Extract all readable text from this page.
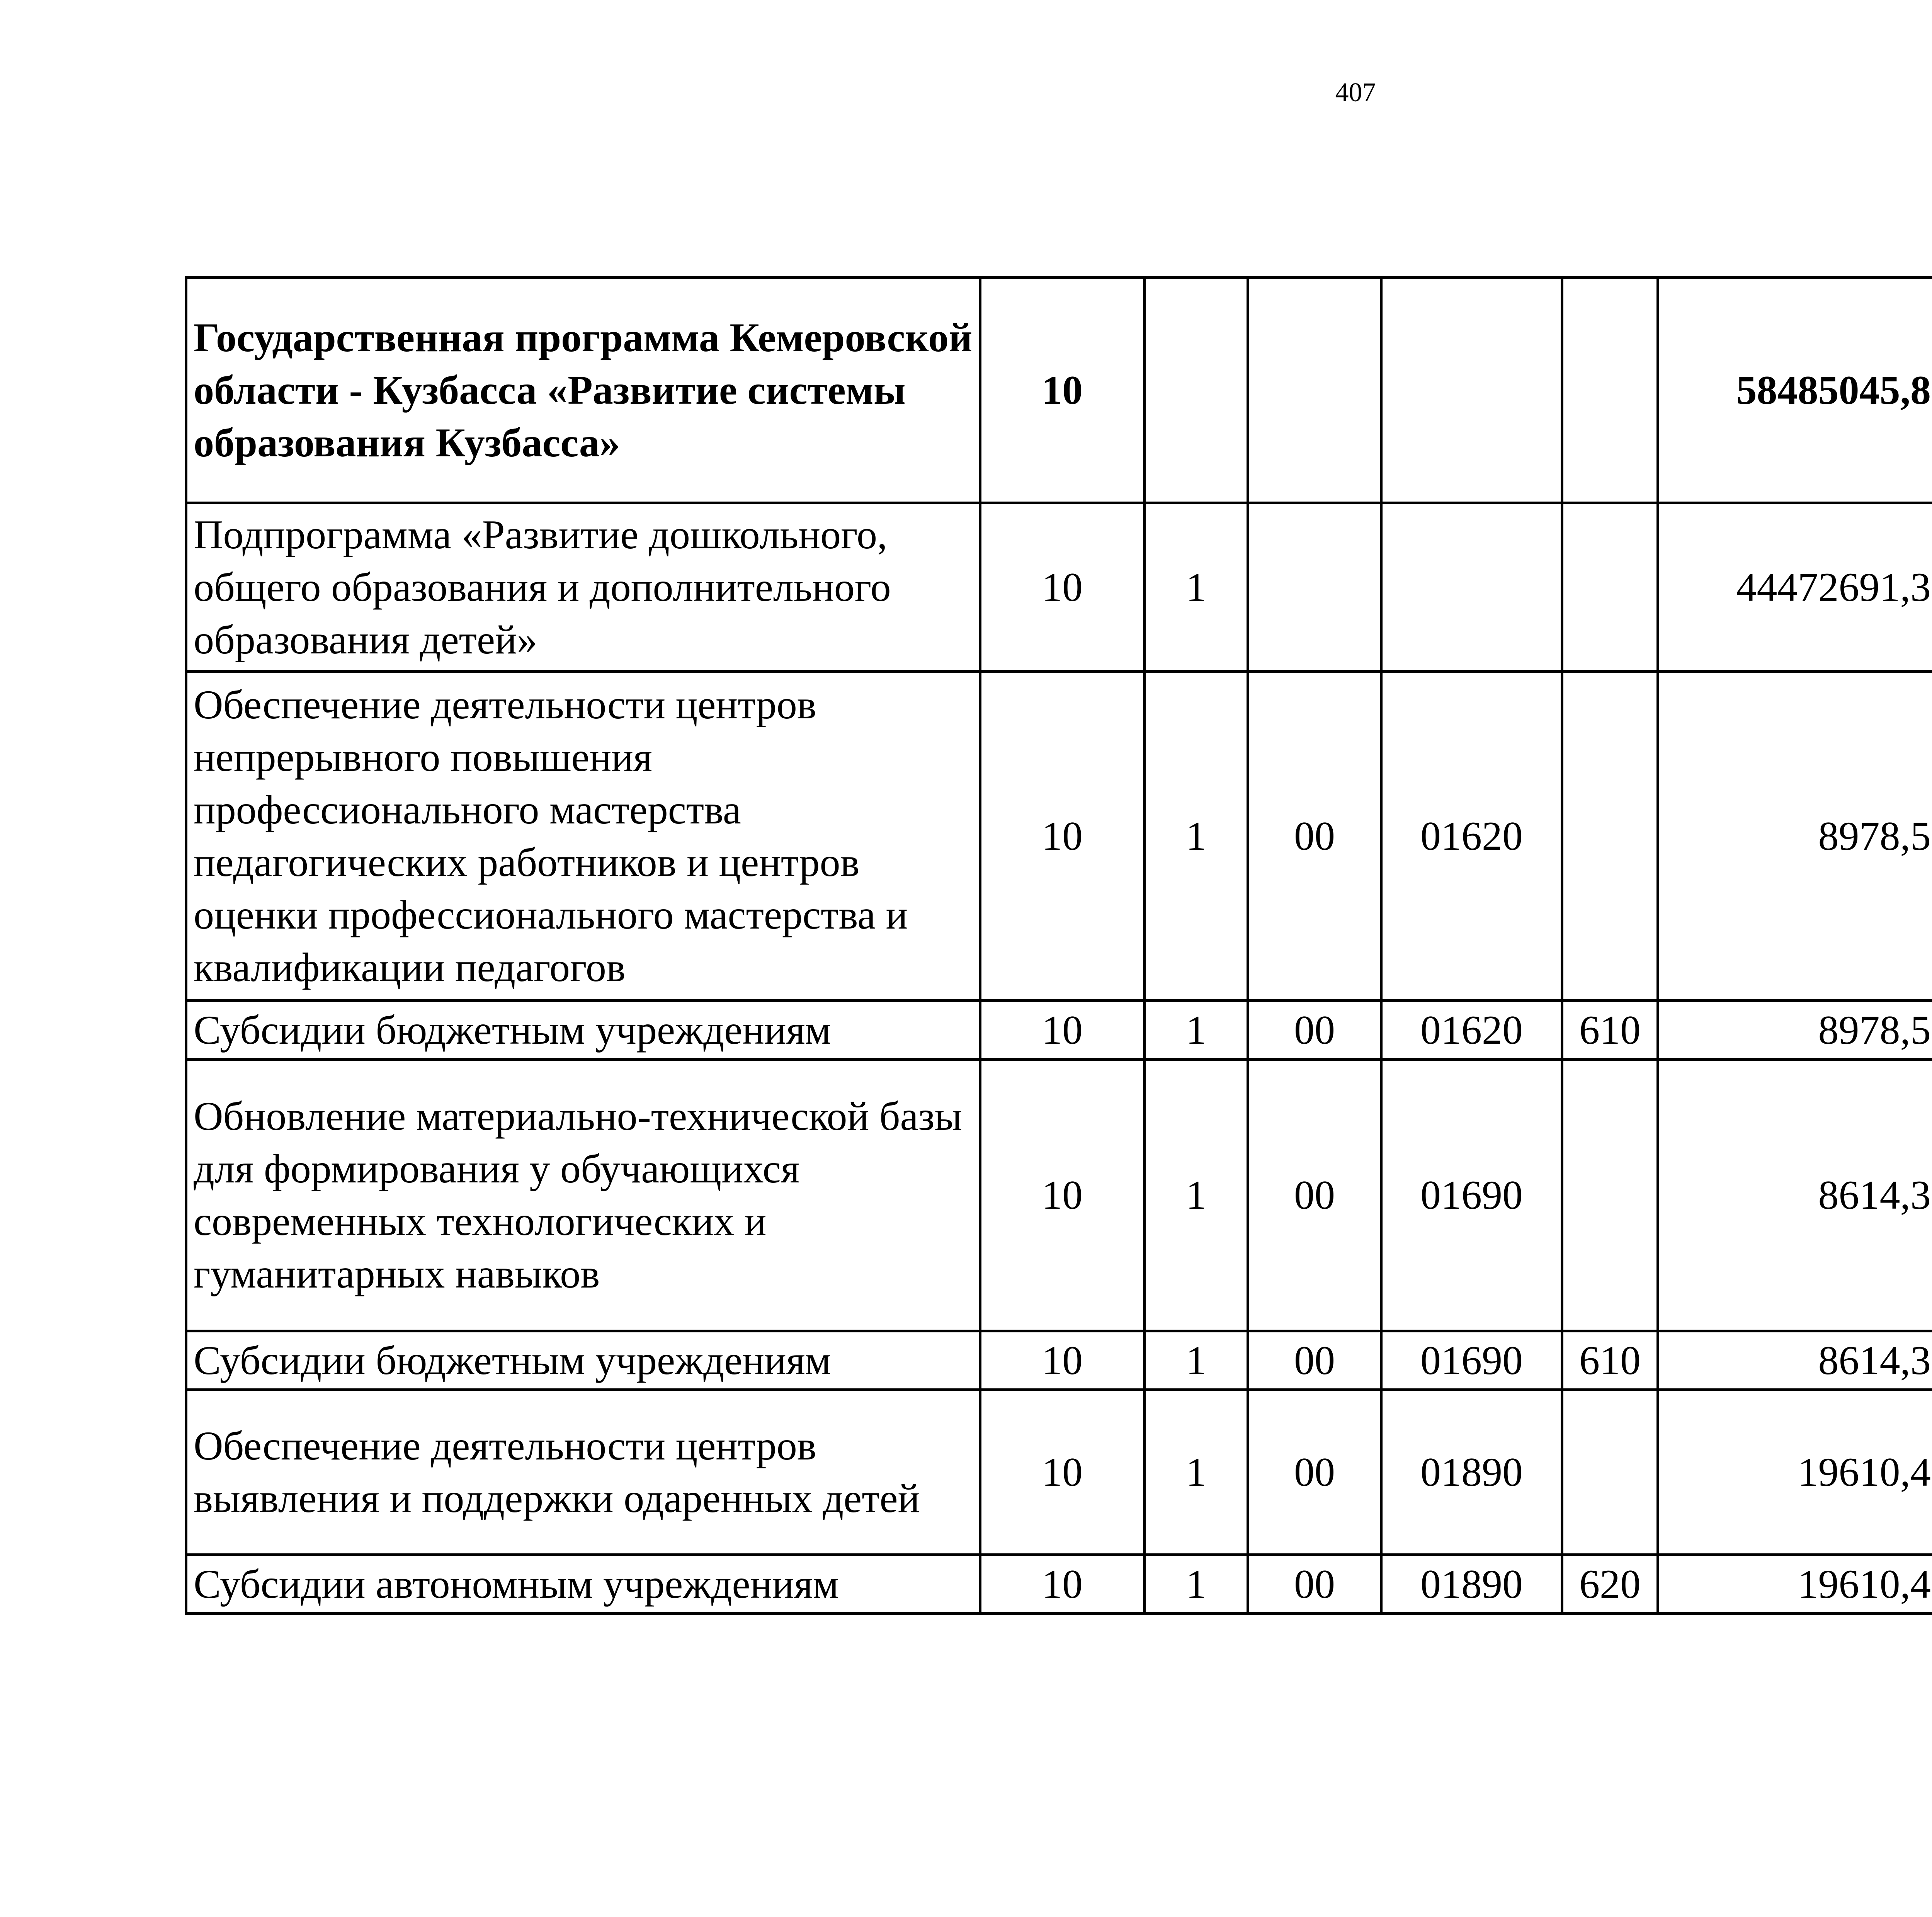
407
Государственная программа Кемеровской области - Кузбасса «Развитие системы образования Кузбасса»	10					58485045,8		
Подпрограмма «Развитие дошкольного, общего образования и дополнительного образования детей»	10	1				44472691,3		
Обеспечение деятельности центров непрерывного повышения профессионального мастерства педагогических работников и центров оценки профессионального мастерства и квалификации педагогов	10	1	00	01620		8978,5		
Субсидии бюджетным учреждениям	10	1	00	01620	610	8978,5		
Обновление материально-технической базы для формирования у обучающихся современных технологических и гуманитарных навыков	10	1	00	01690		8614,3		
Субсидии бюджетным учреждениям	10	1	00	01690	610	8614,3		
Обеспечение деятельности центров выявления и поддержки одаренных детей	10	1	00	01890		19610,4		
Субсидии автономным учреждениям	10	1	00	01890	620	19610,4		
